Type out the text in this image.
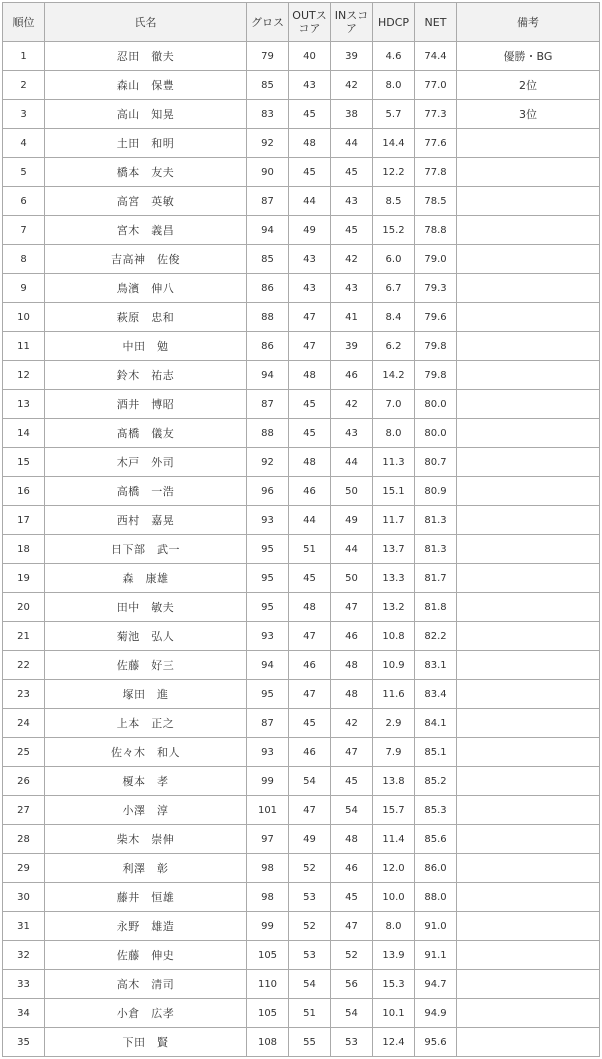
順位	氏名	グロス	OUTスコア	INスコア	HDCP	NET	備考
1	忍田　徹夫	79	40	39	4.6	74.4	優勝・BG
2	森山　保豊	85	43	42	8.0	77.0	2位
3	高山　知晃	83	45	38	5.7	77.3	3位
4	土田　和明	92	48	44	14.4	77.6	
5	橋本　友夫	90	45	45	12.2	77.8	
6	高宮　英敏	87	44	43	8.5	78.5	
7	宮木　義昌	94	49	45	15.2	78.8	
8	吉高神　佐俊	85	43	42	6.0	79.0	
9	鳥濱　伸八	86	43	43	6.7	79.3	
10	萩原　忠和	88	47	41	8.4	79.6	
11	中田　勉	86	47	39	6.2	79.8	
12	鈴木　祐志	94	48	46	14.2	79.8	
13	酒井　博昭	87	45	42	7.0	80.0	
14	髙橋　儀友	88	45	43	8.0	80.0	
15	木戸　外司	92	48	44	11.3	80.7	
16	高橋　一浩	96	46	50	15.1	80.9	
17	西村　嘉晃	93	44	49	11.7	81.3	
18	日下部　武一	95	51	44	13.7	81.3	
19	森　康雄	95	45	50	13.3	81.7	
20	田中　敏夫	95	48	47	13.2	81.8	
21	菊池　弘人	93	47	46	10.8	82.2	
22	佐藤　好三	94	46	48	10.9	83.1	
23	塚田　進	95	47	48	11.6	83.4	
24	上本　正之	87	45	42	2.9	84.1	
25	佐々木　和人	93	46	47	7.9	85.1	
26	榎本　孝	99	54	45	13.8	85.2	
27	小澤　淳	101	47	54	15.7	85.3	
28	柴木　崇伸	97	49	48	11.4	85.6	
29	利澤　彰	98	52	46	12.0	86.0	
30	藤井　恒雄	98	53	45	10.0	88.0	
31	永野　雄造	99	52	47	8.0	91.0	
32	佐藤　伸史	105	53	52	13.9	91.1	
33	高木　清司	110	54	56	15.3	94.7	
34	小倉　広孝	105	51	54	10.1	94.9	
35	下田　賢	108	55	53	12.4	95.6	
